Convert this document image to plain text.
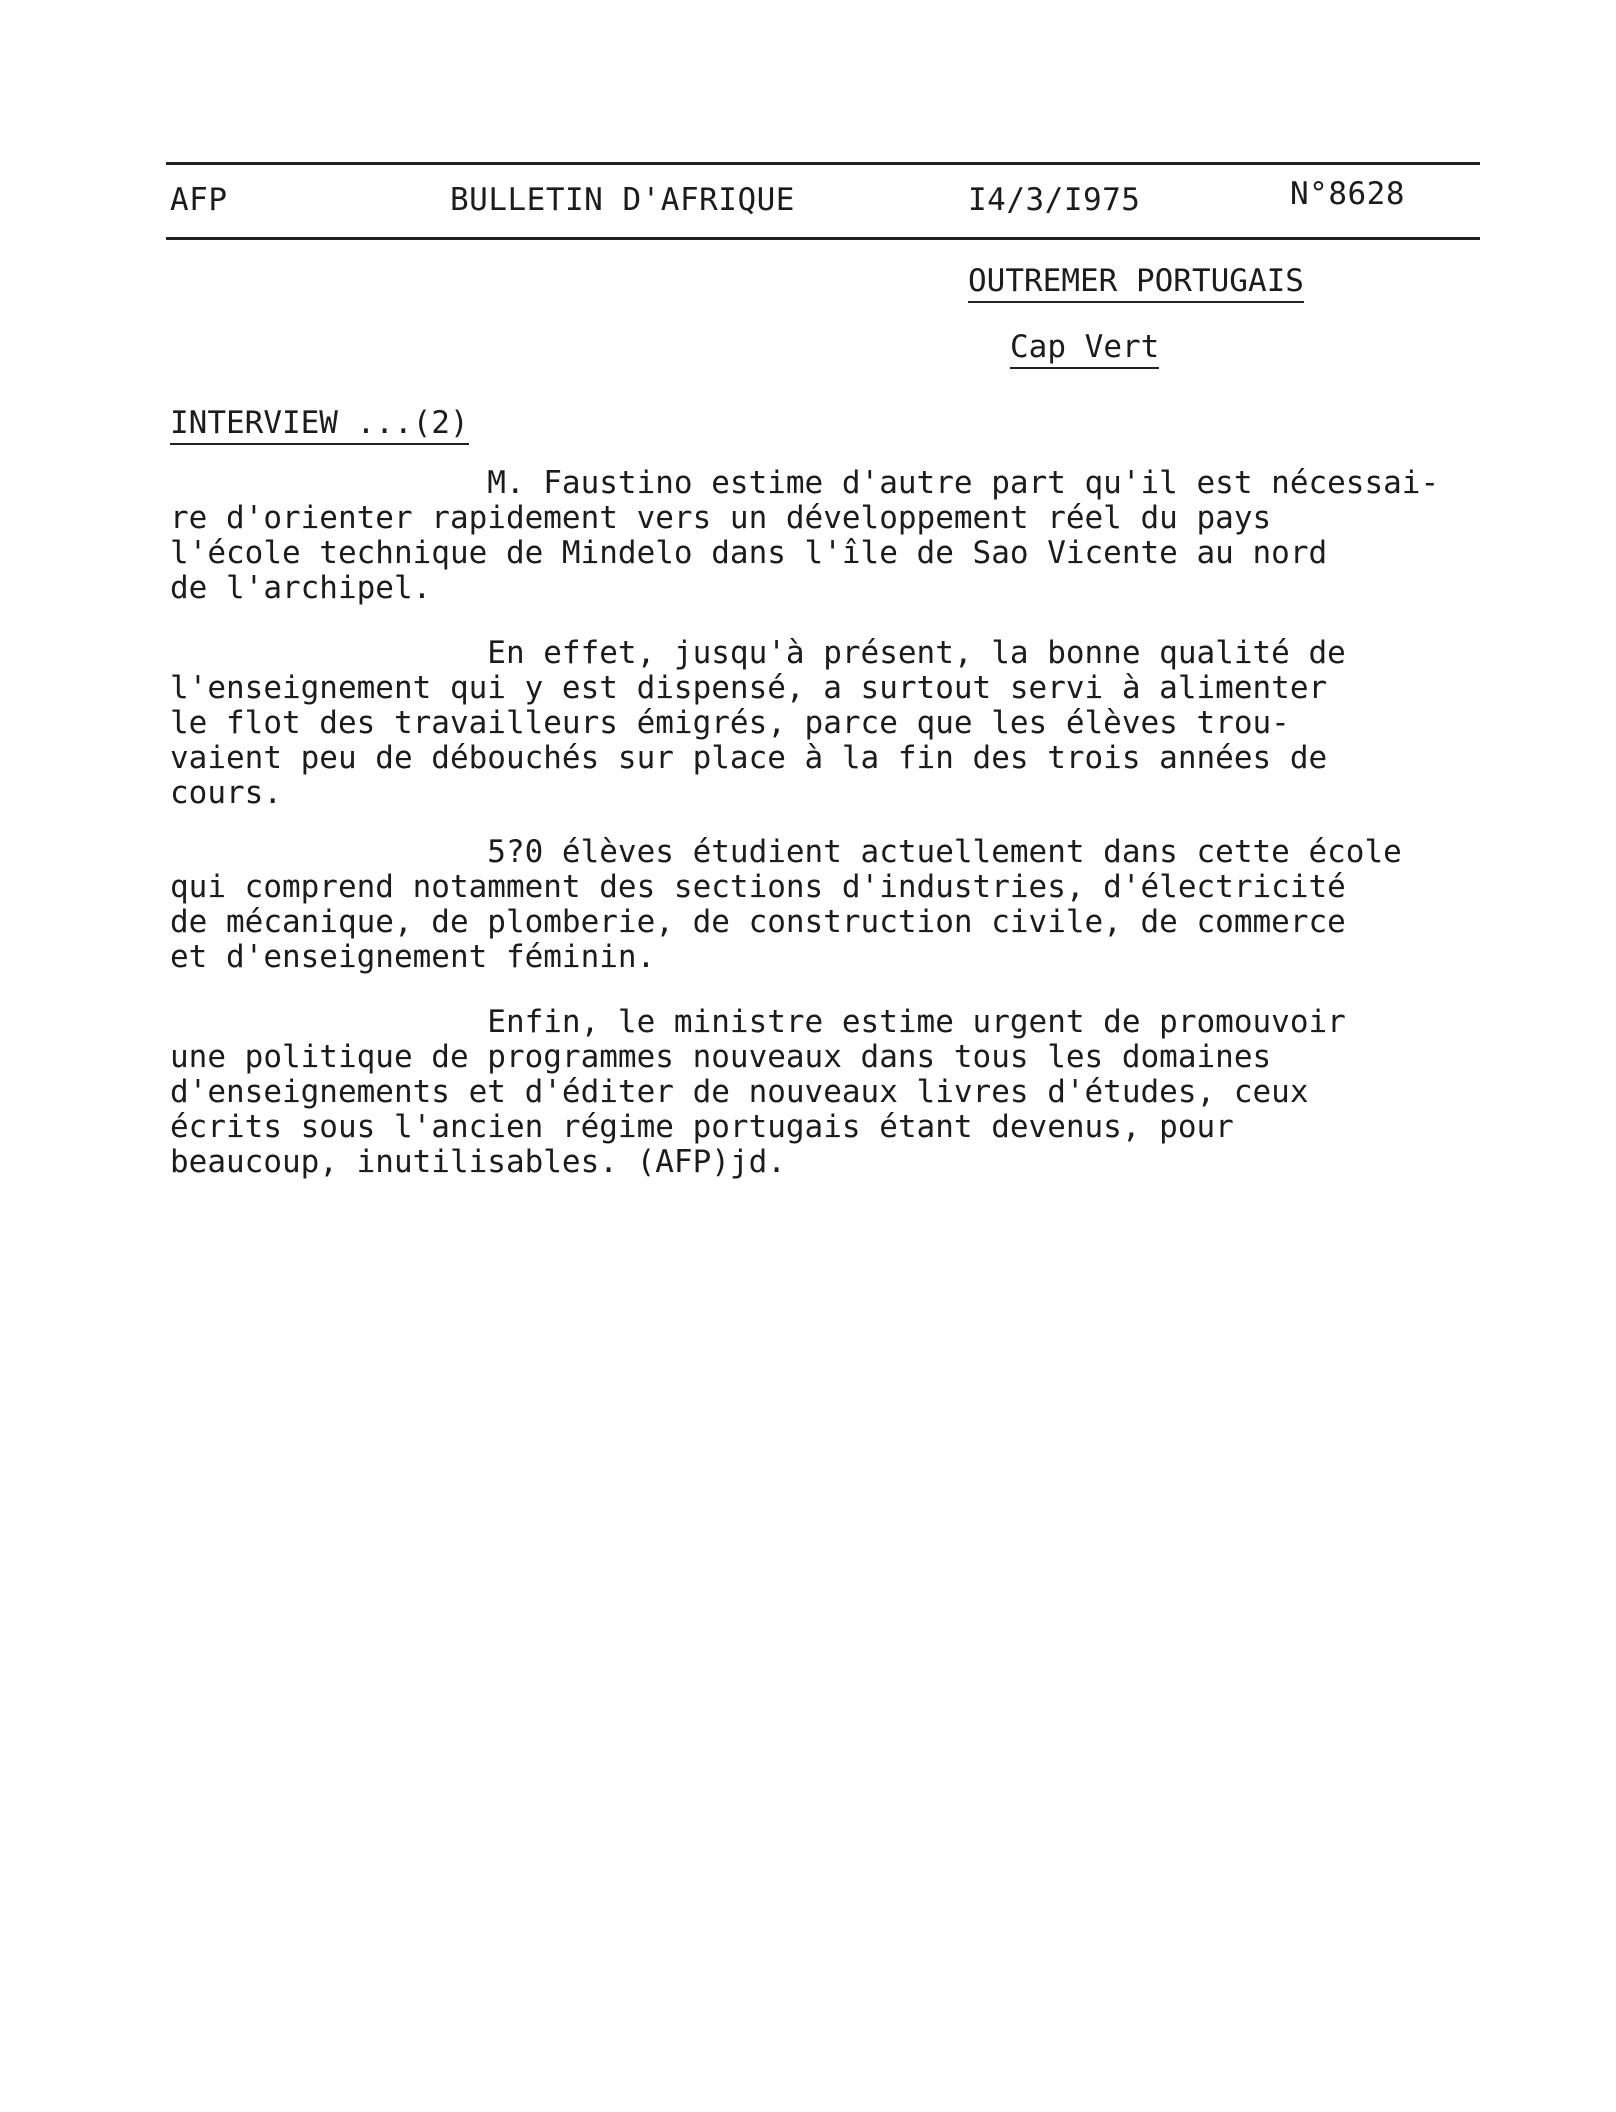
AFP	BULLETIN D'AFRIQUE	I4/3/I975	N°8628
OUTREMER PORTUGAIS
Cap Vert
INTERVIEW ...(2)
M. Faustino estime d'autre part qu'il est nécessai-
re d'orienter rapidement vers un développement réel du pays
l'école technique de Mindelo dans l'île de Sao Vicente au nord
de l'archipel.
En effet, jusqu'à présent, la bonne qualité de
l'enseignement qui y est dispensé, a surtout servi à alimenter
le flot des travailleurs émigrés, parce que les élèves trou-
vaient peu de débouchés sur place à la fin des trois années de
cours.
5?0 élèves étudient actuellement dans cette école
qui comprend notamment des sections d'industries, d'électricité
de mécanique, de plomberie, de construction civile, de commerce
et d'enseignement féminin.
Enfin, le ministre estime urgent de promouvoir
une politique de programmes nouveaux dans tous les domaines
d'enseignements et d'éditer de nouveaux livres d'études, ceux
écrits sous l'ancien régime portugais étant devenus, pour
beaucoup, inutilisables. (AFP)jd.
